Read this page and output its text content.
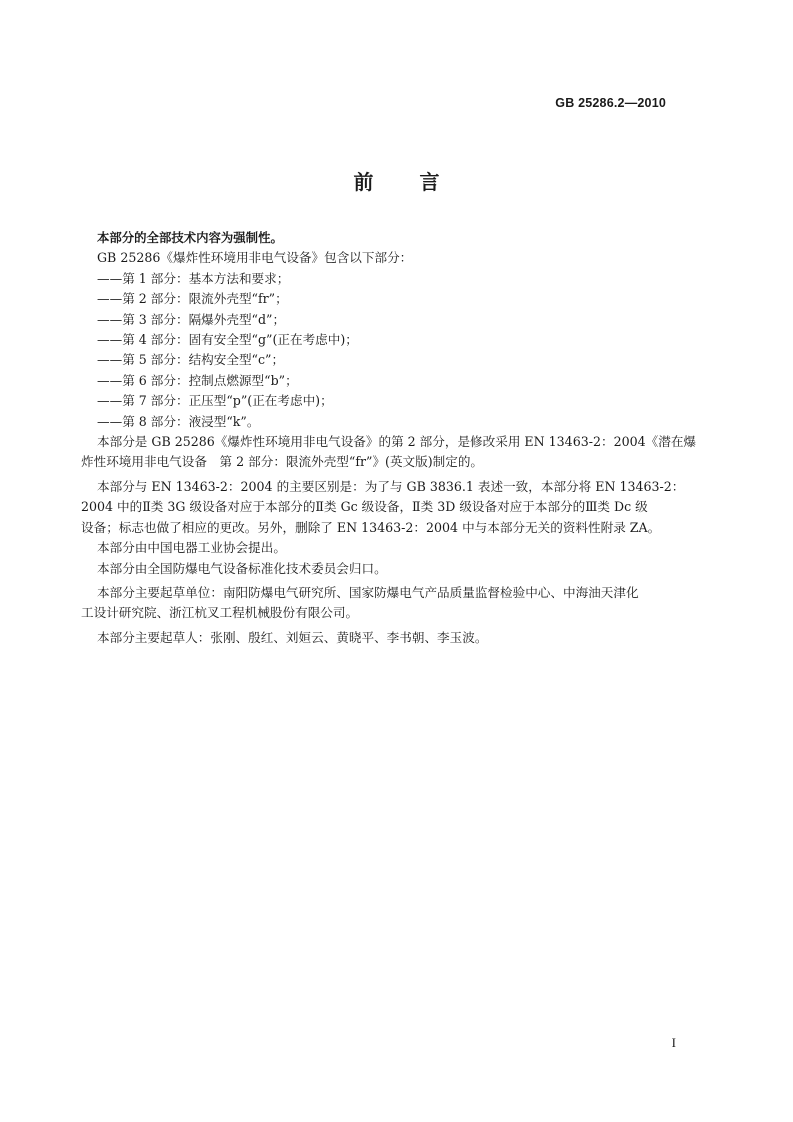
GB 25286.2—2010
前 言

本部分的全部技术内容为强制性。

GB 25286《爆炸性环境用非电气设备》包含以下部分：

——第 1 部分：基本方法和要求；

——第 2 部分：限流外壳型“fr”；

——第 3 部分：隔爆外壳型“d”；

——第 4 部分：固有安全型“g”(正在考虑中)；

——第 5 部分：结构安全型“c”；

——第 6 部分：控制点燃源型“b”；

——第 7 部分：正压型“p”(正在考虑中)；

——第 8 部分：液浸型“k”。

本部分是 GB 25286《爆炸性环境用非电气设备》的第 2 部分，是修改采用 EN 13463-2：2004《潜在爆

炸性环境用非电气设备　第 2 部分：限流外壳型“fr”》(英文版)制定的。

本部分与 EN 13463-2：2004 的主要区别是：为了与 GB 3836.1 表述一致，本部分将 EN 13463-2：

2004 中的Ⅱ类 3G 级设备对应于本部分的Ⅱ类 Gc 级设备，Ⅱ类 3D 级设备对应于本部分的Ⅲ类 Dc 级

设备；标志也做了相应的更改。另外，删除了 EN 13463-2：2004 中与本部分无关的资料性附录 ZA。

本部分由中国电器工业协会提出。

本部分由全国防爆电气设备标准化技术委员会归口。

本部分主要起草单位：南阳防爆电气研究所、国家防爆电气产品质量监督检验中心、中海油天津化

工设计研究院、浙江杭叉工程机械股份有限公司。

本部分主要起草人：张刚、殷红、刘姮云、黄晓平、李书朝、李玉波。

I
